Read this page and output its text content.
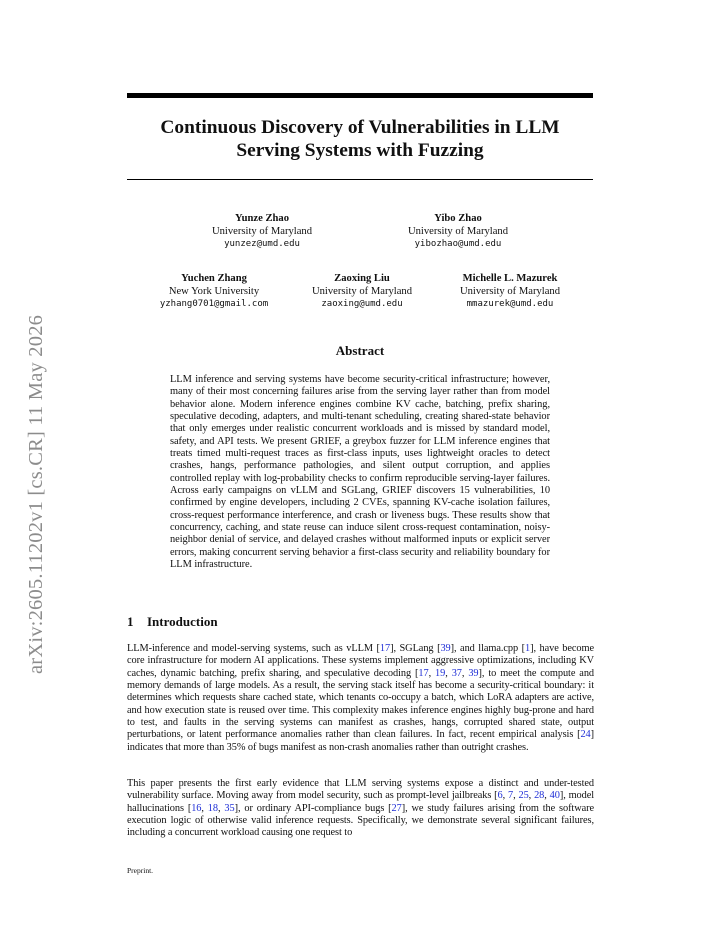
arXiv:2605.11202v1 [cs.CR] 11 May 2026
Continuous Discovery of Vulnerabilities in LLM Serving Systems with Fuzzing
Yunze Zhao
University of Maryland
yunzez@umd.edu
Yibo Zhao
University of Maryland
yibozhao@umd.edu
Yuchen Zhang
New York University
yzhang0701@gmail.com
Zaoxing Liu
University of Maryland
zaoxing@umd.edu
Michelle L. Mazurek
University of Maryland
mmazurek@umd.edu
Abstract
LLM inference and serving systems have become security-critical infrastructure; however, many of their most concerning failures arise from the serving layer rather than from model behavior alone. Modern inference engines combine KV cache, batching, prefix sharing, speculative decoding, adapters, and multi-tenant scheduling, creating shared-state behavior that only emerges under realistic concurrent workloads and is missed by standard model, safety, and API tests. We present GRIEF, a greybox fuzzer for LLM inference engines that treats timed multi-request traces as first-class inputs, uses lightweight oracles to detect crashes, hangs, performance pathologies, and silent output corruption, and applies controlled replay with log-probability checks to confirm reproducible serving-layer failures. Across early campaigns on vLLM and SGLang, GRIEF discovers 15 vulnerabilities, 10 confirmed by engine developers, including 2 CVEs, spanning KV-cache isolation failures, cross-request performance interference, and crash or liveness bugs. These results show that concurrency, caching, and state reuse can induce silent cross-request contamination, noisy-neighbor denial of service, and delayed crashes without malformed inputs or explicit server errors, making concurrent serving behavior a first-class security and reliability boundary for LLM infrastructure.
1 Introduction
LLM-inference and model-serving systems, such as vLLM [17], SGLang [39], and llama.cpp [1], have become core infrastructure for modern AI applications. These systems implement aggressive optimizations, including KV caches, dynamic batching, prefix sharing, and speculative decoding [17, 19, 37, 39], to meet the compute and memory demands of large models. As a result, the serving stack itself has become a security-critical boundary: it determines which requests share cached state, which tenants co-occupy a batch, which LoRA adapters are active, and how execution state is reused over time. This complexity makes inference engines highly bug-prone and hard to test, and faults in the serving systems can manifest as crashes, hangs, corrupted shared state, output perturbations, or latent performance anomalies rather than clean failures. In fact, recent empirical analysis [24] indicates that more than 35% of bugs manifest as non-crash anomalies rather than outright crashes.
This paper presents the first early evidence that LLM serving systems expose a distinct and under-tested vulnerability surface. Moving away from model security, such as prompt-level jailbreaks [6, 7, 25, 28, 40], model hallucinations [16, 18, 35], or ordinary API-compliance bugs [27], we study failures arising from the software execution logic of otherwise valid inference requests. Specifically, we demonstrate several significant failures, including a concurrent workload causing one request to
Preprint.
